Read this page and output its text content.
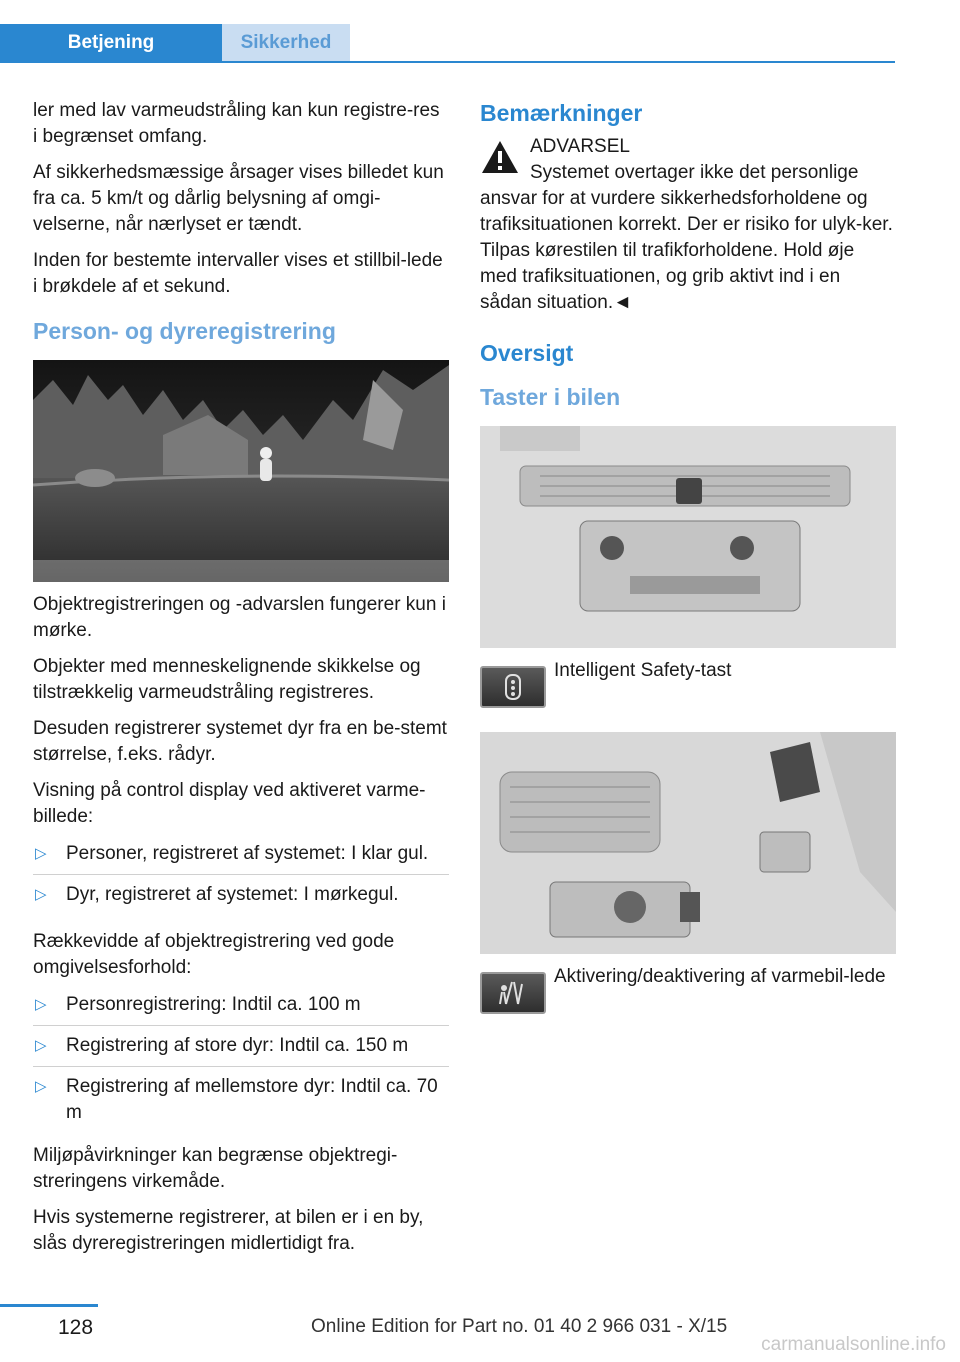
Betjening	Sikkerhed

ler med lav varmeudstråling kan kun registre-res i begrænset omfang.

Af sikkerhedsmæssige årsager vises billedet kun fra ca. 5 km/t og dårlig belysning af omgi-velserne, når nærlyset er tændt.

Inden for bestemte intervaller vises et stillbil-lede i brøkdele af et sekund.

Person- og dyreregistrering

Objektregistreringen og -advarslen fungerer kun i mørke.

Objekter med menneskelignende skikkelse og tilstrækkelig varmeudstråling registreres.

Desuden registrerer systemet dyr fra en be-stemt størrelse, f.eks. rådyr.

Visning på control display ved aktiveret varme-billede:

▷ Personer, registreret af systemet: I klar gul.
▷ Dyr, registreret af systemet: I mørkegul.

Rækkevidde af objektregistrering ved gode omgivelsesforhold:

▷ Personregistrering: Indtil ca. 100 m
▷ Registrering af store dyr: Indtil ca. 150 m
▷ Registrering af mellemstore dyr: Indtil ca. 70 m

Miljøpåvirkninger kan begrænse objektregi-streringens virkemåde.

Hvis systemerne registrerer, at bilen er i en by, slås dyreregistreringen midlertidigt fra.

Bemærkninger

ADVARSEL

Systemet overtager ikke det personlige ansvar for at vurdere sikkerhedsforholdene og trafiksituationen korrekt. Der er risiko for ulyk-ker. Tilpas kørestilen til trafikforholdene. Hold øje med trafiksituationen, og grib aktivt ind i en sådan situation.◄

Oversigt
Taster i bilen
Intelligent Safety-tast
Aktivering/deaktivering af varmebil-lede
128	Online Edition for Part no. 01 40 2 966 031 - X/15
carmanualsonline.info
